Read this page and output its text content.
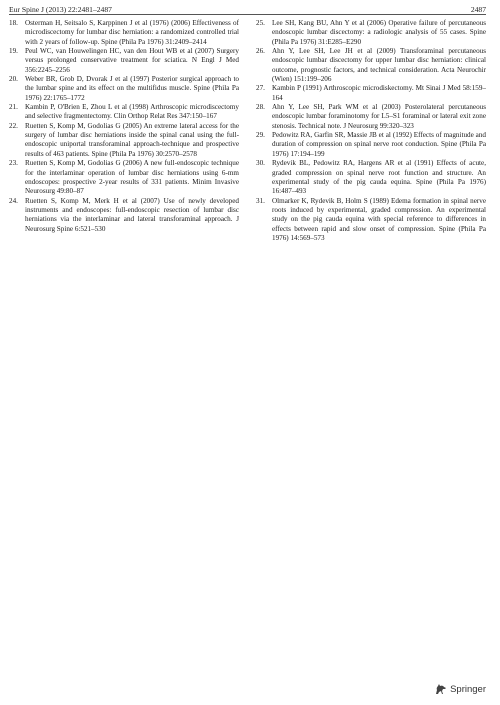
Eur Spine J (2013) 22:2481–2487	2487
18. Osterman H, Seitsalo S, Karppinen J et al (1976) (2006) Effectiveness of microdiscectomy for lumbar disc herniation: a randomized controlled trial with 2 years of follow-up. Spine (Phila Pa 1976) 31:2409–2414
19. Peul WC, van Houwelingen HC, van den Hout WB et al (2007) Surgery versus prolonged conservative treatment for sciatica. N Engl J Med 356:2245–2256
20. Weber BR, Grob D, Dvorak J et al (1997) Posterior surgical approach to the lumbar spine and its effect on the multifidus muscle. Spine (Phila Pa 1976) 22:1765–1772
21. Kambin P, O'Brien E, Zhou L et al (1998) Arthroscopic microdiscectomy and selective fragmentectomy. Clin Orthop Relat Res 347:150–167
22. Ruetten S, Komp M, Godolias G (2005) An extreme lateral access for the surgery of lumbar disc herniations inside the spinal canal using the full-endoscopic uniportal transforaminal approach-technique and prospective results of 463 patients. Spine (Phila Pa 1976) 30:2570–2578
23. Ruetten S, Komp M, Godolias G (2006) A new full-endoscopic technique for the interlaminar operation of lumbar disc herniations using 6-mm endoscopes: prospective 2-year results of 331 patients. Minim Invasive Neurosurg 49:80–87
24. Ruetten S, Komp M, Merk H et al (2007) Use of newly developed instruments and endoscopes: full-endoscopic resection of lumbar disc herniations via the interlaminar and lateral transforaminal approach. J Neurosurg Spine 6:521–530
25. Lee SH, Kang BU, Ahn Y et al (2006) Operative failure of percutaneous endoscopic lumbar discectomy: a radiologic analysis of 55 cases. Spine (Phila Pa 1976) 31:E285–E290
26. Ahn Y, Lee SH, Lee JH et al (2009) Transforaminal percutaneous endoscopic lumbar discectomy for upper lumbar disc herniation: clinical outcome, prognostic factors, and technical consideration. Acta Neurochir (Wien) 151:199–206
27. Kambin P (1991) Arthroscopic microdiskectomy. Mt Sinai J Med 58:159–164
28. Ahn Y, Lee SH, Park WM et al (2003) Posterolateral percutaneous endoscopic lumbar foraminotomy for L5–S1 foraminal or lateral exit zone stenosis. Technical note. J Neurosurg 99:320–323
29. Pedowitz RA, Garfin SR, Massie JB et al (1992) Effects of magnitude and duration of compression on spinal nerve root conduction. Spine (Phila Pa 1976) 17:194–199
30. Rydevik BL, Pedowitz RA, Hargens AR et al (1991) Effects of acute, graded compression on spinal nerve root function and structure. An experimental study of the pig cauda equina. Spine (Phila Pa 1976) 16:487–493
31. Olmarker K, Rydevik B, Holm S (1989) Edema formation in spinal nerve roots induced by experimental, graded compression. An experimental study on the pig cauda equina with special reference to differences in effects between rapid and slow onset of compression. Spine (Phila Pa 1976) 14:569–573
Springer
